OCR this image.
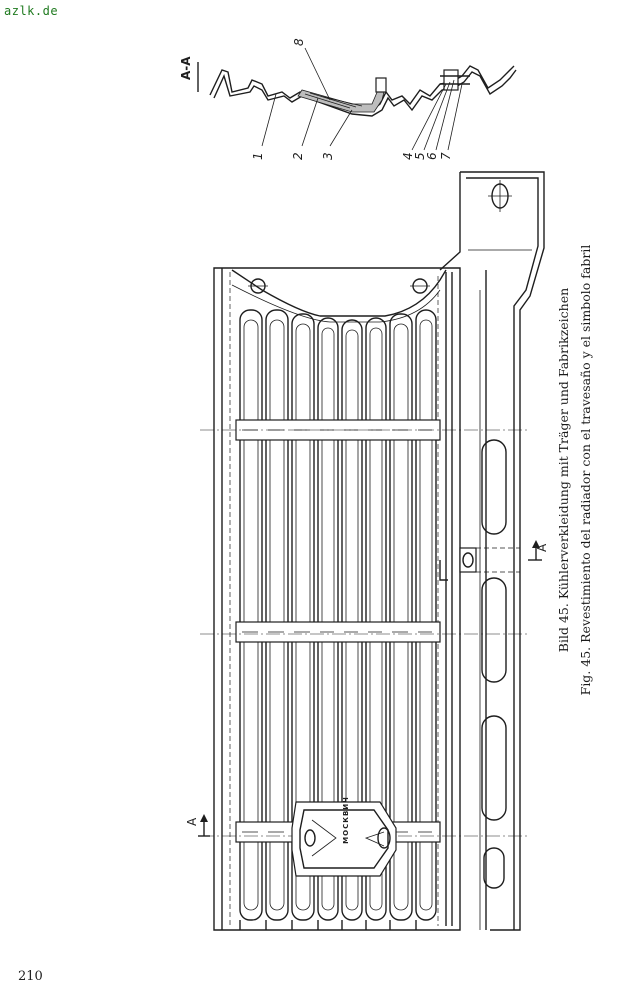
azlk.de
A-A
1 2 3
8
4
5
6 7
A
A
МОСКВИЧ
Bild 45. Kühlerverkleidung mit Träger und Fabrikzeichen Fig. 45. Revestimiento del radiador con el travesaño y el simbolo fabril
210
